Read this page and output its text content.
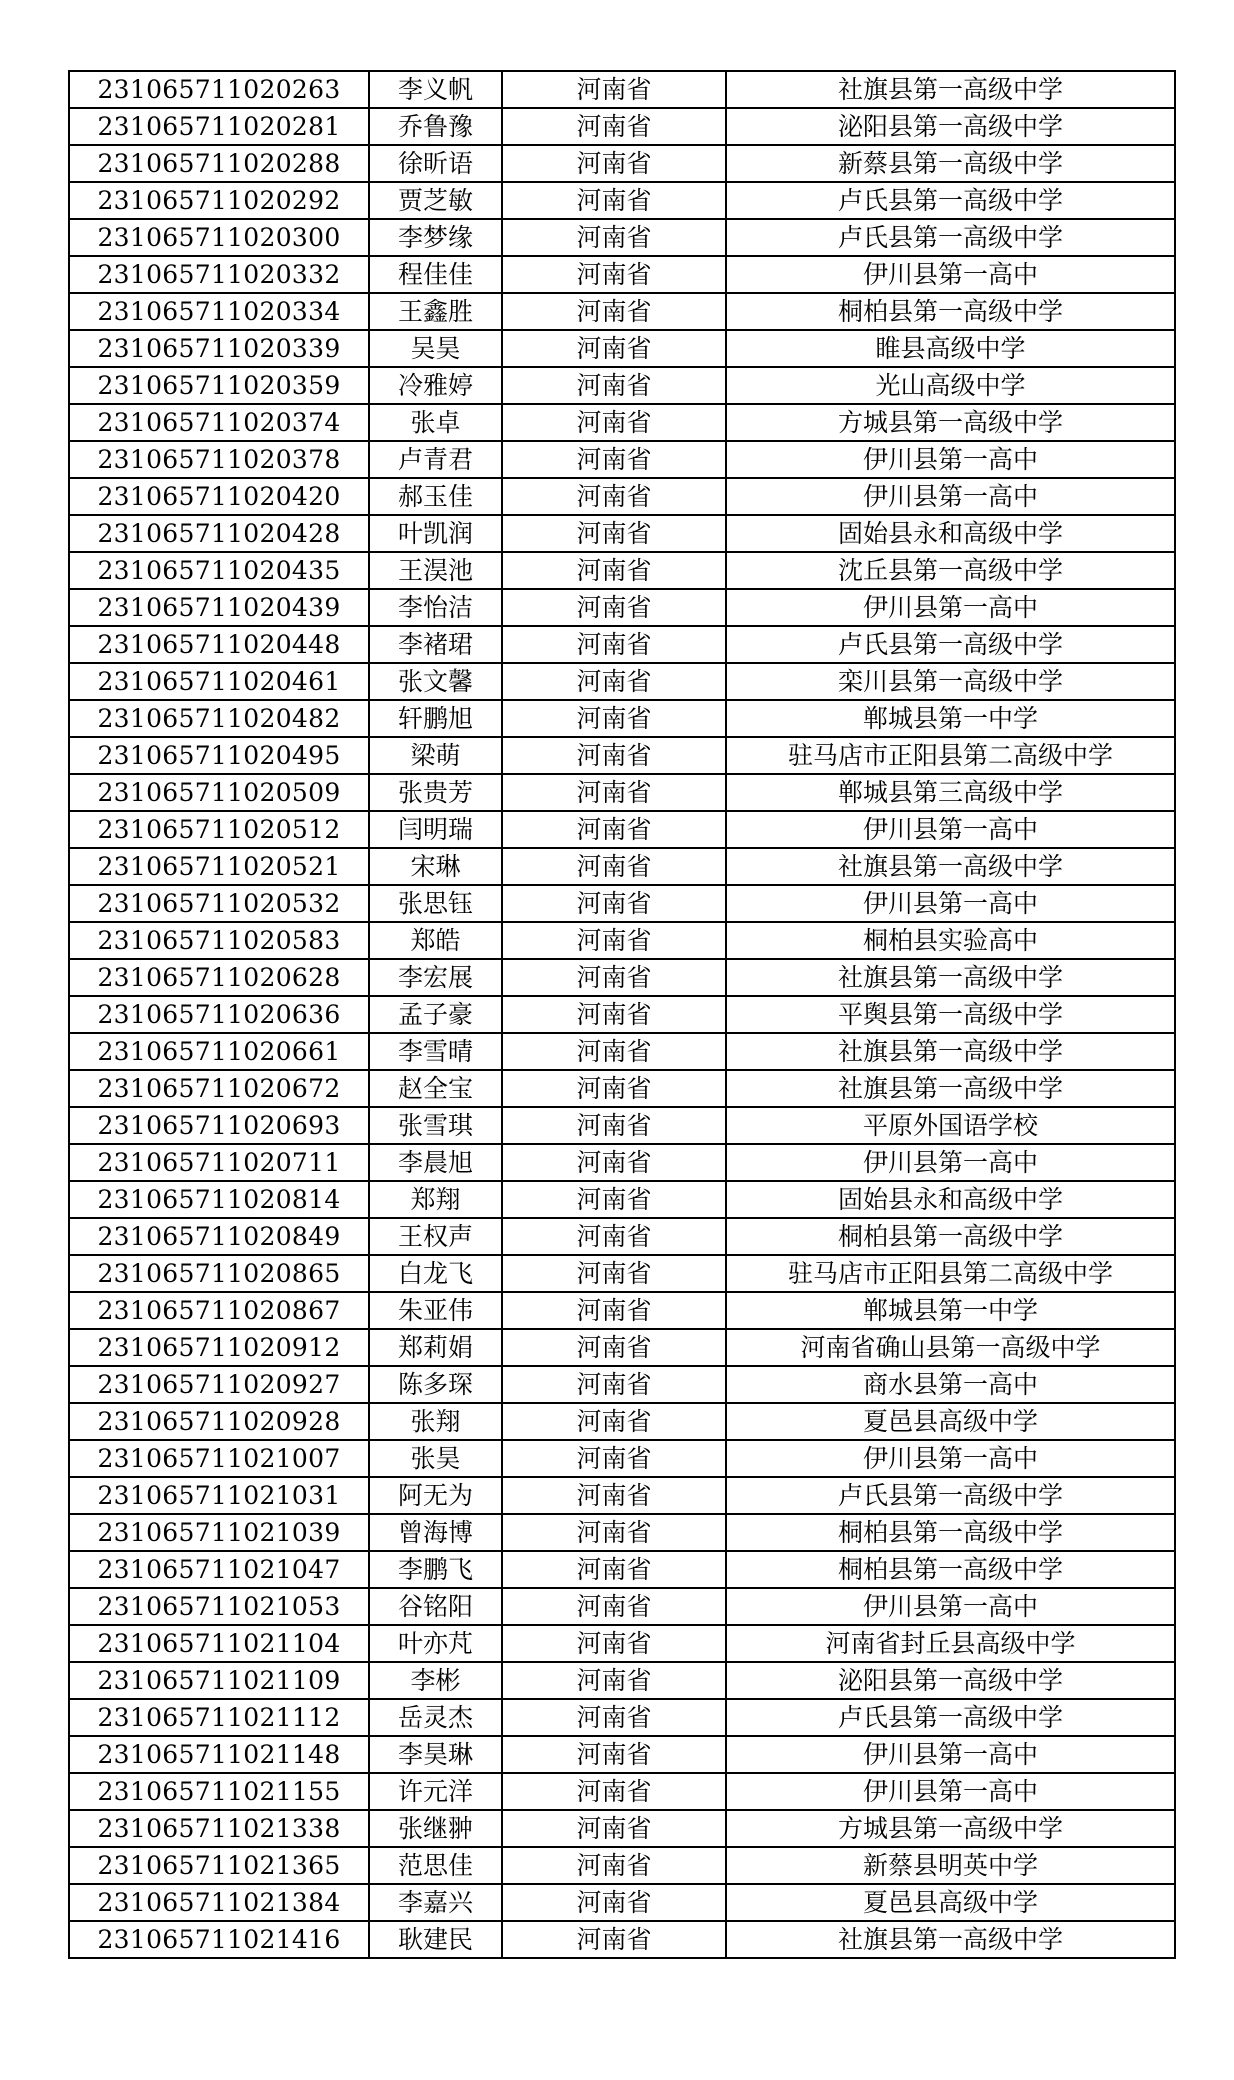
231065711020263	李义帆	河南省	社旗县第一高级中学
231065711020281	乔鲁豫	河南省	泌阳县第一高级中学
231065711020288	徐昕语	河南省	新蔡县第一高级中学
231065711020292	贾芝敏	河南省	卢氏县第一高级中学
231065711020300	李梦缘	河南省	卢氏县第一高级中学
231065711020332	程佳佳	河南省	伊川县第一高中
231065711020334	王鑫胜	河南省	桐柏县第一高级中学
231065711020339	吴昊	河南省	睢县高级中学
231065711020359	冷雅婷	河南省	光山高级中学
231065711020374	张卓	河南省	方城县第一高级中学
231065711020378	卢青君	河南省	伊川县第一高中
231065711020420	郝玉佳	河南省	伊川县第一高中
231065711020428	叶凯润	河南省	固始县永和高级中学
231065711020435	王淏池	河南省	沈丘县第一高级中学
231065711020439	李怡洁	河南省	伊川县第一高中
231065711020448	李褚珺	河南省	卢氏县第一高级中学
231065711020461	张文馨	河南省	栾川县第一高级中学
231065711020482	轩鹏旭	河南省	郸城县第一中学
231065711020495	梁萌	河南省	驻马店市正阳县第二高级中学
231065711020509	张贵芳	河南省	郸城县第三高级中学
231065711020512	闫明瑞	河南省	伊川县第一高中
231065711020521	宋琳	河南省	社旗县第一高级中学
231065711020532	张思钰	河南省	伊川县第一高中
231065711020583	郑皓	河南省	桐柏县实验高中
231065711020628	李宏展	河南省	社旗县第一高级中学
231065711020636	孟子豪	河南省	平舆县第一高级中学
231065711020661	李雪晴	河南省	社旗县第一高级中学
231065711020672	赵全宝	河南省	社旗县第一高级中学
231065711020693	张雪琪	河南省	平原外国语学校
231065711020711	李晨旭	河南省	伊川县第一高中
231065711020814	郑翔	河南省	固始县永和高级中学
231065711020849	王权声	河南省	桐柏县第一高级中学
231065711020865	白龙飞	河南省	驻马店市正阳县第二高级中学
231065711020867	朱亚伟	河南省	郸城县第一中学
231065711020912	郑莉娟	河南省	河南省确山县第一高级中学
231065711020927	陈多琛	河南省	商水县第一高中
231065711020928	张翔	河南省	夏邑县高级中学
231065711021007	张昊	河南省	伊川县第一高中
231065711021031	阿无为	河南省	卢氏县第一高级中学
231065711021039	曾海博	河南省	桐柏县第一高级中学
231065711021047	李鹏飞	河南省	桐柏县第一高级中学
231065711021053	谷铭阳	河南省	伊川县第一高中
231065711021104	叶亦芃	河南省	河南省封丘县高级中学
231065711021109	李彬	河南省	泌阳县第一高级中学
231065711021112	岳灵杰	河南省	卢氏县第一高级中学
231065711021148	李昊琳	河南省	伊川县第一高中
231065711021155	许元洋	河南省	伊川县第一高中
231065711021338	张继翀	河南省	方城县第一高级中学
231065711021365	范思佳	河南省	新蔡县明英中学
231065711021384	李嘉兴	河南省	夏邑县高级中学
231065711021416	耿建民	河南省	社旗县第一高级中学
